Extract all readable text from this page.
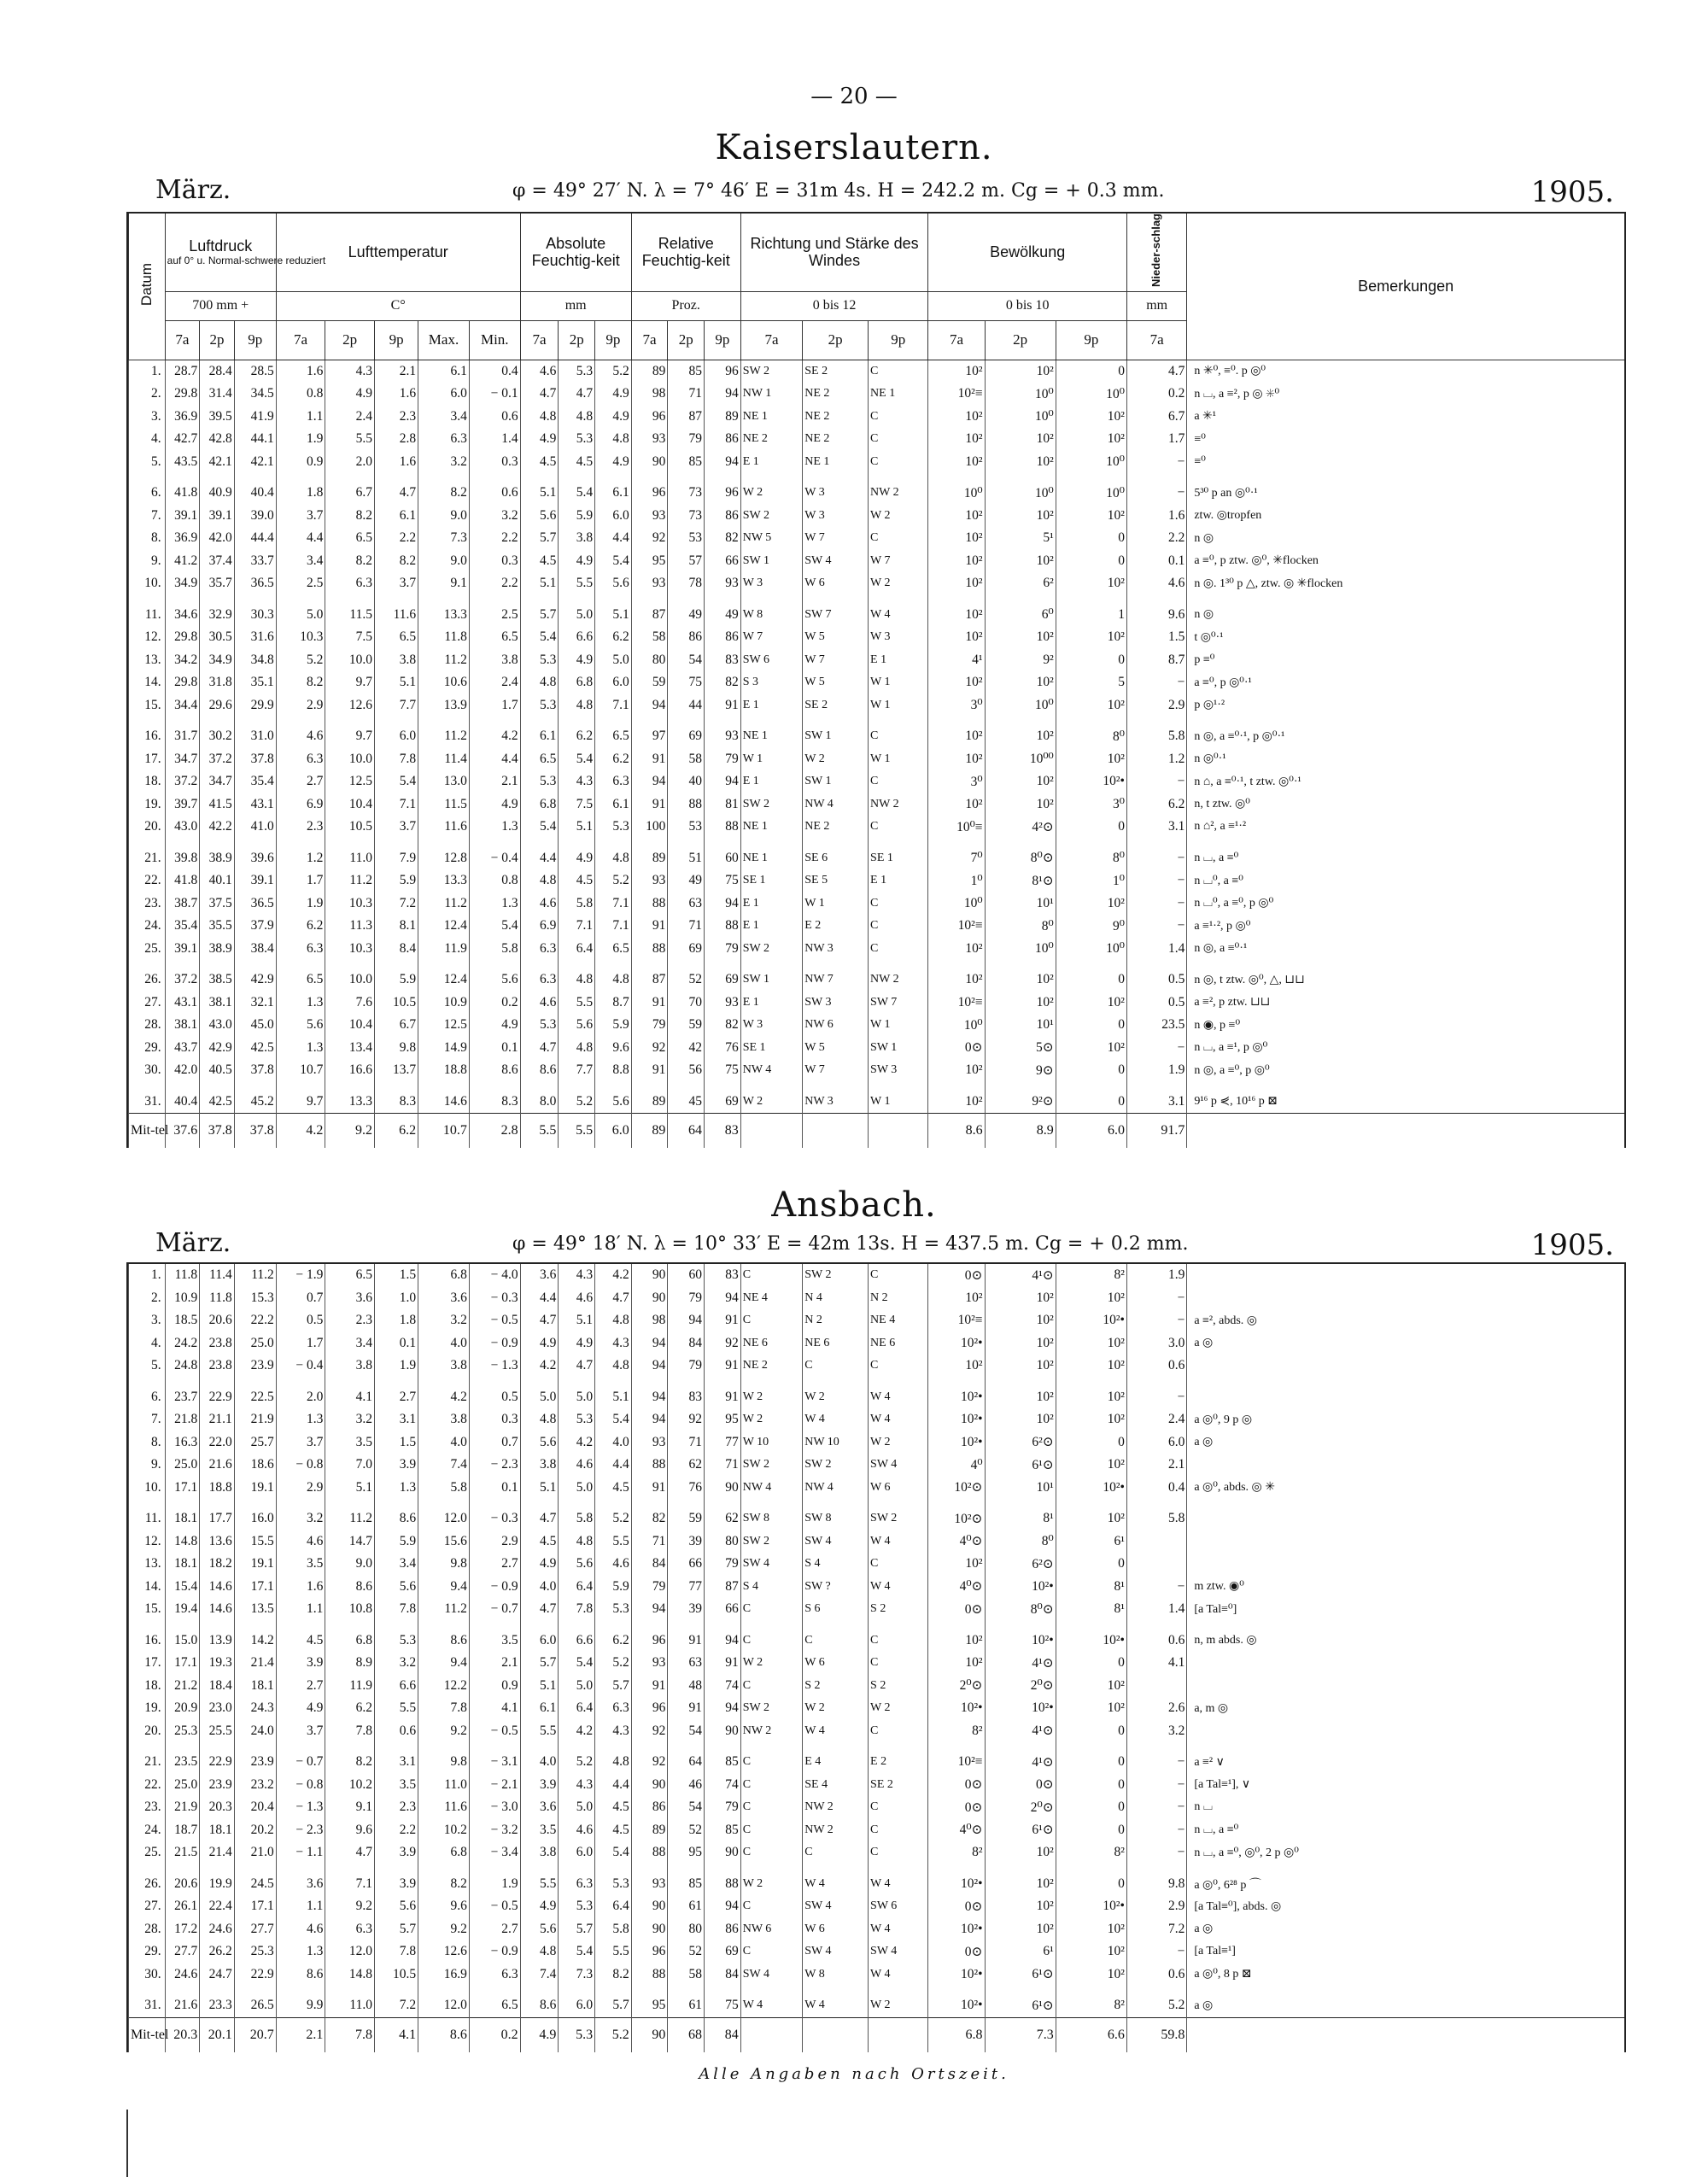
— 20 —
Kaiserslautern.
März.	φ = 49° 27′ N. λ = 7° 46′ E = 31m 4s. H = 242.2 m. Cg = + 0.3 mm.	1905.
Datum	Luftdruck
auf 0° u. Normal-schwere reduziert			Lufttemperatur					Absolute Feuchtig-keit			Relative Feuchtig-keit			Richtung und Stärke des Windes			Bewölkung			Nieder-schlag	Bemerkungen
	700 mm +			C°					mm			Proz.			0 bis 12			0 bis 10			mm	
	7a	2p	9p	7a	2p	9p	Max.	Min.	7a	2p	9p	7a	2p	9p	7a	2p	9p	7a	2p	9p	7a	
1.	28.7	28.4	28.5	1.6	4.3	2.1	6.1	0.4	4.6	5.3	5.2	89	85	96	SW 2	SE 2	C	10²	10²	0	4.7	n ✳⁰, ≡⁰. p ◎⁰
2.	29.8	31.4	34.5	0.8	4.9	1.6	6.0	− 0.1	4.7	4.7	4.9	98	71	94	NW 1	NE 2	NE 1	10²≡	10⁰	10⁰	0.2	n ⌴, a ≡², p ◎ ✳⁰
3.	36.9	39.5	41.9	1.1	2.4	2.3	3.4	0.6	4.8	4.8	4.9	96	87	89	NE 1	NE 2	C	10²	10⁰	10²	6.7	a ✳¹
4.	42.7	42.8	44.1	1.9	5.5	2.8	6.3	1.4	4.9	5.3	4.8	93	79	86	NE 2	NE 2	C	10²	10²	10²	1.7	≡⁰
5.	43.5	42.1	42.1	0.9	2.0	1.6	3.2	0.3	4.5	4.5	4.9	90	85	94	E 1	NE 1	C	10²	10²	10⁰	−	≡⁰
6.	41.8	40.9	40.4	1.8	6.7	4.7	8.2	0.6	5.1	5.4	6.1	96	73	96	W 2	W 3	NW 2	10⁰	10⁰	10⁰	−	5³⁰ p an ◎⁰·¹
7.	39.1	39.1	39.0	3.7	8.2	6.1	9.0	3.2	5.6	5.9	6.0	93	73	86	SW 2	W 3	W 2	10²	10²	10²	1.6	ztw. ◎tropfen
8.	36.9	42.0	44.4	4.4	6.5	2.2	7.3	2.2	5.7	3.8	4.4	92	53	82	NW 5	W 7	C	10²	5¹	0	2.2	n ◎
9.	41.2	37.4	33.7	3.4	8.2	8.2	9.0	0.3	4.5	4.9	5.4	95	57	66	SW 1	SW 4	W 7	10²	10²	0	0.1	a ≡⁰, p ztw. ◎⁰, ✳flocken
10.	34.9	35.7	36.5	2.5	6.3	3.7	9.1	2.2	5.1	5.5	5.6	93	78	93	W 3	W 6	W 2	10²	6²	10²	4.6	n ◎. 1³⁰ p △, ztw. ◎ ✳flocken
11.	34.6	32.9	30.3	5.0	11.5	11.6	13.3	2.5	5.7	5.0	5.1	87	49	49	W 8	SW 7	W 4	10²	6⁰	1	9.6	n ◎
12.	29.8	30.5	31.6	10.3	7.5	6.5	11.8	6.5	5.4	6.6	6.2	58	86	86	W 7	W 5	W 3	10²	10²	10²	1.5	t ◎⁰·¹
13.	34.2	34.9	34.8	5.2	10.0	3.8	11.2	3.8	5.3	4.9	5.0	80	54	83	SW 6	W 7	E 1	4¹	9²	0	8.7	p ≡⁰
14.	29.8	31.8	35.1	8.2	9.7	5.1	10.6	2.4	4.8	6.8	6.0	59	75	82	S 3	W 5	W 1	10²	10²	5	−	a ≡⁰, p ◎⁰·¹
15.	34.4	29.6	29.9	2.9	12.6	7.7	13.9	1.7	5.3	4.8	7.1	94	44	91	E 1	SE 2	W 1	3⁰	10⁰	10²	2.9	p ◎¹·²
16.	31.7	30.2	31.0	4.6	9.7	6.0	11.2	4.2	6.1	6.2	6.5	97	69	93	NE 1	SW 1	C	10²	10²	8⁰	5.8	n ◎, a ≡⁰·¹, p ◎⁰·¹
17.	34.7	37.2	37.8	6.3	10.0	7.8	11.4	4.4	6.5	5.4	6.2	91	58	79	W 1	W 2	W 1	10²	10⁰⁰	10²	1.2	n ◎⁰·¹
18.	37.2	34.7	35.4	2.7	12.5	5.4	13.0	2.1	5.3	4.3	6.3	94	40	94	E 1	SW 1	C	3⁰	10²	10²•	−	n ⌂, a ≡⁰·¹, t ztw. ◎⁰·¹
19.	39.7	41.5	43.1	6.9	10.4	7.1	11.5	4.9	6.8	7.5	6.1	91	88	81	SW 2	NW 4	NW 2	10²	10²	3⁰	6.2	n, t ztw. ◎⁰
20.	43.0	42.2	41.0	2.3	10.5	3.7	11.6	1.3	5.4	5.1	5.3	100	53	88	NE 1	NE 2	C	10⁰≡	4²⊙	0	3.1	n ⌂², a ≡¹·²
21.	39.8	38.9	39.6	1.2	11.0	7.9	12.8	− 0.4	4.4	4.9	4.8	89	51	60	NE 1	SE 6	SE 1	7⁰	8⁰⊙	8⁰	−	n ⌴, a ≡⁰
22.	41.8	40.1	39.1	1.7	11.2	5.9	13.3	0.8	4.8	4.5	5.2	93	49	75	SE 1	SE 5	E 1	1⁰	8¹⊙	1⁰	−	n ⌴⁰, a ≡⁰
23.	38.7	37.5	36.5	1.9	10.3	7.2	11.2	1.3	4.6	5.8	7.1	88	63	94	E 1	W 1	C	10⁰	10¹	10²	−	n ⌴⁰, a ≡⁰, p ◎⁰
24.	35.4	35.5	37.9	6.2	11.3	8.1	12.4	5.4	6.9	7.1	7.1	91	71	88	E 1	E 2	C	10²≡	8⁰	9⁰	−	a ≡¹·², p ◎⁰
25.	39.1	38.9	38.4	6.3	10.3	8.4	11.9	5.8	6.3	6.4	6.5	88	69	79	SW 2	NW 3	C	10²	10⁰	10⁰	1.4	n ◎, a ≡⁰·¹
26.	37.2	38.5	42.9	6.5	10.0	5.9	12.4	5.6	6.3	4.8	4.8	87	52	69	SW 1	NW 7	NW 2	10²	10²	0	0.5	n ◎, t ztw. ◎⁰, △, ⊔⊔
27.	43.1	38.1	32.1	1.3	7.6	10.5	10.9	0.2	4.6	5.5	8.7	91	70	93	E 1	SW 3	SW 7	10²≡	10²	10²	0.5	a ≡², p ztw. ⊔⊔
28.	38.1	43.0	45.0	5.6	10.4	6.7	12.5	4.9	5.3	5.6	5.9	79	59	82	W 3	NW 6	W 1	10⁰	10¹	0	23.5	n ◉, p ≡⁰
29.	43.7	42.9	42.5	1.3	13.4	9.8	14.9	0.1	4.7	4.8	9.6	92	42	76	SE 1	W 5	SW 1	0⊙	5⊙	10²	−	n ⌴, a ≡¹, p ◎⁰
30.	42.0	40.5	37.8	10.7	16.6	13.7	18.8	8.6	8.6	7.7	8.8	91	56	75	NW 4	W 7	SW 3	10²	9⊙	0	1.9	n ◎, a ≡⁰, p ◎⁰
31.	40.4	42.5	45.2	9.7	13.3	8.3	14.6	8.3	8.0	5.2	5.6	89	45	69	W 2	NW 3	W 1	10²	9²⊙	0	3.1	9¹⁶ p ⋞, 10¹⁶ p ⊠
Mit-tel	37.6	37.8	37.8	4.2	9.2	6.2	10.7	2.8	5.5	5.5	6.0	89	64	83				8.6	8.9	6.0	91.7	
Ansbach.
März.	φ = 49° 18′ N. λ = 10° 33′ E = 42m 13s. H = 437.5 m. Cg = + 0.2 mm.	1905.
1.	11.8	11.4	11.2	− 1.9	6.5	1.5	6.8	− 4.0	3.6	4.3	4.2	90	60	83	C	SW 2	C	0⊙	4¹⊙	8²	1.9	
2.	10.9	11.8	15.3	0.7	3.6	1.0	3.6	− 0.3	4.4	4.6	4.7	90	79	94	NE 4	N 4	N 2	10²	10²	10²	−	
3.	18.5	20.6	22.2	0.5	2.3	1.8	3.2	− 0.5	4.7	5.1	4.8	98	94	91	C	N 2	NE 4	10²≡	10²	10²•	−	a ≡², abds. ◎
4.	24.2	23.8	25.0	1.7	3.4	0.1	4.0	− 0.9	4.9	4.9	4.3	94	84	92	NE 6	NE 6	NE 6	10²•	10²	10²	3.0	a ◎
5.	24.8	23.8	23.9	− 0.4	3.8	1.9	3.8	− 1.3	4.2	4.7	4.8	94	79	91	NE 2	C	C	10²	10²	10²	0.6	
6.	23.7	22.9	22.5	2.0	4.1	2.7	4.2	0.5	5.0	5.0	5.1	94	83	91	W 2	W 2	W 4	10²•	10²	10²	−	
7.	21.8	21.1	21.9	1.3	3.2	3.1	3.8	0.3	4.8	5.3	5.4	94	92	95	W 2	W 4	W 4	10²•	10²	10²	2.4	a ◎⁰, 9 p ◎
8.	16.3	22.0	25.7	3.7	3.5	1.5	4.0	0.7	5.6	4.2	4.0	93	71	77	W 10	NW 10	W 2	10²•	6²⊙	0	6.0	a ◎
9.	25.0	21.6	18.6	− 0.8	7.0	3.9	7.4	− 2.3	3.8	4.6	4.4	88	62	71	SW 2	SW 2	SW 4	4⁰	6¹⊙	10²	2.1	
10.	17.1	18.8	19.1	2.9	5.1	1.3	5.8	0.1	5.1	5.0	4.5	91	76	90	NW 4	NW 4	W 6	10²⊙	10¹	10²•	0.4	a ◎⁰, abds. ◎ ✳
11.	18.1	17.7	16.0	3.2	11.2	8.6	12.0	− 0.3	4.7	5.8	5.2	82	59	62	SW 8	SW 8	SW 2	10²⊙	8¹	10²	5.8	
12.	14.8	13.6	15.5	4.6	14.7	5.9	15.6	2.9	4.5	4.8	5.5	71	39	80	SW 2	SW 4	W 4	4⁰⊙	8⁰	6¹		
13.	18.1	18.2	19.1	3.5	9.0	3.4	9.8	2.7	4.9	5.6	4.6	84	66	79	SW 4	S 4	C	10²	6²⊙	0		
14.	15.4	14.6	17.1	1.6	8.6	5.6	9.4	− 0.9	4.0	6.4	5.9	79	77	87	S 4	SW ?	W 4	4⁰⊙	10²•	8¹	−	m ztw. ◉⁰
15.	19.4	14.6	13.5	1.1	10.8	7.8	11.2	− 0.7	4.7	7.8	5.3	94	39	66	C	S 6	S 2	0⊙	8⁰⊙	8¹	1.4	[a Tal≡⁰]
16.	15.0	13.9	14.2	4.5	6.8	5.3	8.6	3.5	6.0	6.6	6.2	96	91	94	C	C	C	10²	10²•	10²•	0.6	n, m abds. ◎
17.	17.1	19.3	21.4	3.9	8.9	3.2	9.4	2.1	5.7	5.4	5.2	93	63	91	W 2	W 6	C	10²	4¹⊙	0	4.1	
18.	21.2	18.4	18.1	2.7	11.9	6.6	12.2	0.9	5.1	5.0	5.7	91	48	74	C	S 2	S 2	2⁰⊙	2⁰⊙	10²		
19.	20.9	23.0	24.3	4.9	6.2	5.5	7.8	4.1	6.1	6.4	6.3	96	91	94	SW 2	W 2	W 2	10²•	10²•	10²	2.6	a, m ◎
20.	25.3	25.5	24.0	3.7	7.8	0.6	9.2	− 0.5	5.5	4.2	4.3	92	54	90	NW 2	W 4	C	8²	4¹⊙	0	3.2	
21.	23.5	22.9	23.9	− 0.7	8.2	3.1	9.8	− 3.1	4.0	5.2	4.8	92	64	85	C	E 4	E 2	10²≡	4¹⊙	0	−	a ≡² ∨
22.	25.0	23.9	23.2	− 0.8	10.2	3.5	11.0	− 2.1	3.9	4.3	4.4	90	46	74	C	SE 4	SE 2	0⊙	0⊙	0	−	[a Tal≡¹], ∨
23.	21.9	20.3	20.4	− 1.3	9.1	2.3	11.6	− 3.0	3.6	5.0	4.5	86	54	79	C	NW 2	C	0⊙	2⁰⊙	0	−	n ⌴
24.	18.7	18.1	20.2	− 2.3	9.6	2.2	10.2	− 3.2	3.5	4.6	4.5	89	52	85	C	NW 2	C	4⁰⊙	6¹⊙	0	−	n ⌴, a ≡⁰
25.	21.5	21.4	21.0	− 1.1	4.7	3.9	6.8	− 3.4	3.8	6.0	5.4	88	95	90	C	C	C	8²	10²	8²	−	n ⌴, a ≡⁰, ◎⁰, 2 p ◎⁰
26.	20.6	19.9	24.5	3.6	7.1	3.9	8.2	1.9	5.5	6.3	5.3	93	85	88	W 2	W 4	W 4	10²•	10²	0	9.8	a ◎⁰, 6²⁸ p ⌒
27.	26.1	22.4	17.1	1.1	9.2	5.6	9.6	− 0.5	4.9	5.3	6.4	90	61	94	C	SW 4	SW 6	0⊙	10²	10²•	2.9	[a Tal≡⁰], abds. ◎
28.	17.2	24.6	27.7	4.6	6.3	5.7	9.2	2.7	5.6	5.7	5.8	90	80	86	NW 6	W 6	W 4	10²•	10²	10²	7.2	a ◎
29.	27.7	26.2	25.3	1.3	12.0	7.8	12.6	− 0.9	4.8	5.4	5.5	96	52	69	C	SW 4	SW 4	0⊙	6¹	10²	−	[a Tal≡¹]
30.	24.6	24.7	22.9	8.6	14.8	10.5	16.9	6.3	7.4	7.3	8.2	88	58	84	SW 4	W 8	W 4	10²•	6¹⊙	10²	0.6	a ◎⁰, 8 p ⊠
31.	21.6	23.3	26.5	9.9	11.0	7.2	12.0	6.5	8.6	6.0	5.7	95	61	75	W 4	W 4	W 2	10²•	6¹⊙	8²	5.2	a ◎
Mit-tel	20.3	20.1	20.7	2.1	7.8	4.1	8.6	0.2	4.9	5.3	5.2	90	68	84				6.8	7.3	6.6	59.8	
Alle Angaben nach Ortszeit.
